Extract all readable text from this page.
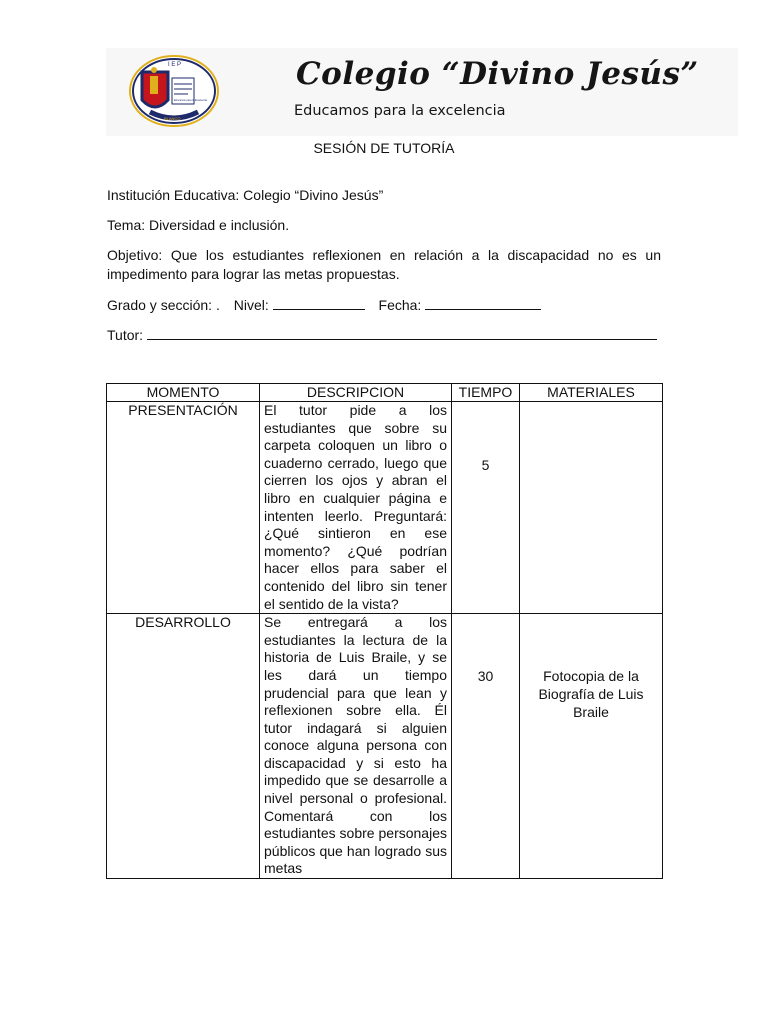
I E P
Educamos para la Excelencia
BLANCO
Colegio “Divino Jesús”
Educamos para la excelencia
SESIÓN DE TUTORÍA
Institución Educativa: Colegio “Divino Jesús”
Tema: Diversidad e inclusión.
Objetivo: Que los estudiantes reflexionen en relación a la discapacidad no es un impedimento para lograr las metas propuestas.
Grado y sección: . Nivel:	Fecha:
Tutor:
MOMENTO	DESCRIPCION	TIEMPO	MATERIALES
PRESENTACIÓN	El tutor pide a los estudiantes que sobre su carpeta coloquen un libro o cuaderno cerrado, luego que cierren los ojos y abran el libro en cualquier página e intenten leerlo. Preguntará: ¿Qué sintieron en ese momento? ¿Qué podrían hacer ellos para saber el contenido del libro sin tener el sentido de la vista?	5	
DESARROLLO	Se entregará a los estudiantes la lectura de la historia de Luis Braile, y se les dará un tiempo prudencial para que lean y reflexionen sobre ella. Él tutor indagará si alguien conoce alguna persona con discapacidad y si esto ha impedido que se desarrolle a nivel personal o profesional. Comentará con los estudiantes sobre personajes públicos que han logrado sus metas	30	Fotocopia de la Biografía de Luis Braile
